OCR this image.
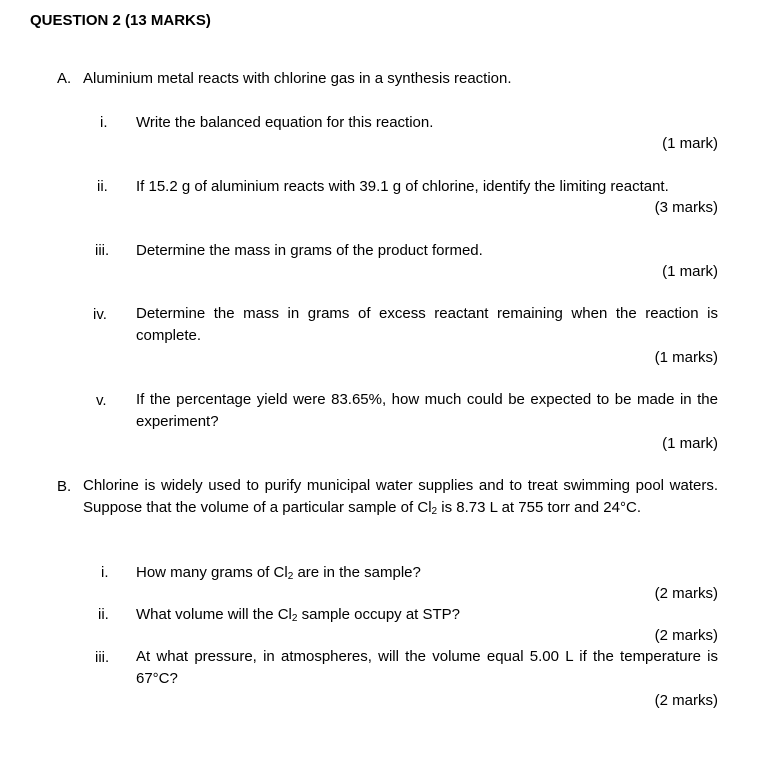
QUESTION 2 (13 MARKS)
A. Aluminium metal reacts with chlorine gas in a synthesis reaction.
i. Write the balanced equation for this reaction.
(1 mark)
ii. If 15.2 g of aluminium reacts with 39.1 g of chlorine, identify the limiting reactant.
(3 marks)
iii. Determine the mass in grams of the product formed.
(1 mark)
iv. Determine the mass in grams of excess reactant remaining when the reaction is complete.
(1 marks)
v. If the percentage yield were 83.65%, how much could be expected to be made in the experiment?
(1 mark)
B. Chlorine is widely used to purify municipal water supplies and to treat swimming pool waters. Suppose that the volume of a particular sample of $Cl_2$ is 8.73 L at 755 torr and 24°C.
i. How many grams of $Cl_2$ are in the sample?
(2 marks)
ii. What volume will the $Cl_2$ sample occupy at STP?
(2 marks)
iii. At what pressure, in atmospheres, will the volume equal 5.00 L if the temperature is 67°C?
(2 marks)
